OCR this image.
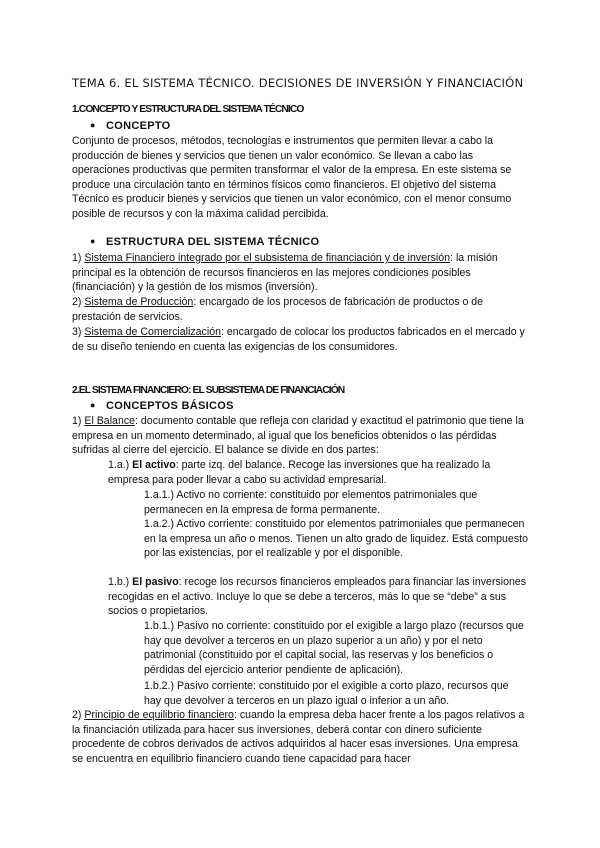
TEMA 6. EL SISTEMA TÉCNICO. DECISIONES DE INVERSIÓN Y FINANCIACIÓN
1.CONCEPTO Y ESTRUCTURA DEL SISTEMA TÉCNICO
● CONCEPTO

Conjunto de procesos, métodos, tecnologías e instrumentos que permiten llevar a cabo la producción de bienes y servicios que tienen un valor económico. Se llevan a cabo las operaciones productivas que permiten transformar el valor de la empresa. En este sistema se produce una circulación tanto en términos físicos como financieros. El objetivo del sistema Técnico es producir bienes y servicios que tienen un valor económico, con el menor consumo posible de recursos y con la máxima calidad percibida.

● ESTRUCTURA DEL SISTEMA TÉCNICO

1) Sistema Financiero integrado por el subsistema de financiación y de inversión: la misión principal es la obtención de recursos financieros en las mejores condiciones posibles (financiación) y la gestión de los mismos (inversión).

2) Sistema de Producción: encargado de los procesos de fabricación de productos o de prestación de servicios.

3) Sistema de Comercialización: encargado de colocar los productos fabricados en el mercado y de su diseño teniendo en cuenta las exigencias de los consumidores.

2.EL SISTEMA FINANCIERO: EL SUBSISTEMA DE FINANCIACIÓN
● CONCEPTOS BÁSICOS

1) El Balance: documento contable que refleja con claridad y exactitud el patrimonio que tiene la empresa en un momento determinado, al igual que los beneficios obtenidos o las pérdidas sufridas al cierre del ejercicio. El balance se divide en dos partes:

1.a.) El activo: parte izq. del balance. Recoge las inversiones que ha realizado la empresa para poder llevar a cabo su actividad empresarial.

1.a.1.) Activo no corriente: constituido por elementos patrimoniales que permanecen en la empresa de forma permanente.

1.a.2.) Activo corriente: constituido por elementos patrimoniales que permanecen en la empresa un año o menos. Tienen un alto grado de liquidez. Está compuesto por las existencias, por el realizable y por el disponible.

1.b.) El pasivo: recoge los recursos financieros empleados para financiar las inversiones recogidas en el activo. Incluye lo que se debe a terceros, más lo que se “debe” a sus socios o propietarios.

1.b.1.) Pasivo no corriente: constituido por el exigible a largo plazo (recursos que hay que devolver a terceros en un plazo superior a un año) y por el neto patrimonial (constituido por el capital social, las reservas y los beneficios o pérdidas del ejercicio anterior pendiente de aplicación).

1.b.2.) Pasivo corriente: constituido por el exigible a corto plazo, recursos que hay que devolver a terceros en un plazo igual o inferior a un año.

2) Principio de equilibrio financiero: cuando la empresa deba hacer frente a los pagos relativos a la financiación utilizada para hacer sus inversiones, deberá contar con dinero suficiente procedente de cobros derivados de activos adquiridos al hacer esas inversiones. Una empresa se encuentra en equilibrio financiero cuando tiene capacidad para hacer
